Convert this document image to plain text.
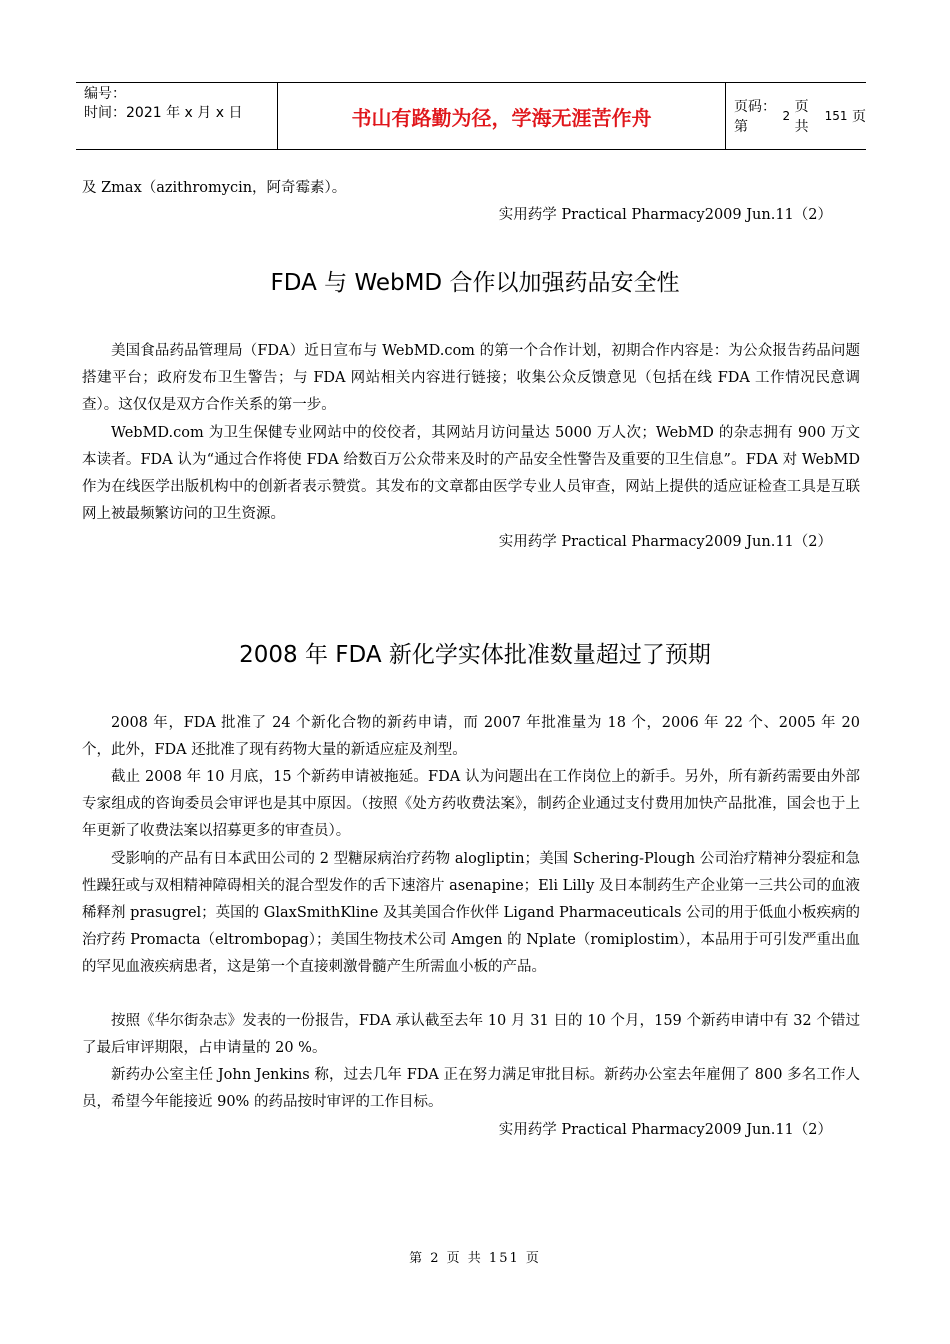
编号：
时间：2021 年 x 月 x 日	书山有路勤为径，学海无涯苦作舟	页码：第

2

页 共

151
页

及 Zmax（azithromycin，阿奇霉素）。

实用药学 Practical Pharmacy2009 Jun.11（2）
FDA 与 WebMD 合作以加强药品安全性

美国食品药品管理局（FDA）近日宣布与 WebMD.com 的第一个合作计划，初期合作内容是：为公众报告药品问题搭建平台；政府发布卫生警告；与 FDA 网站相关内容进行链接；收集公众反馈意见（包括在线 FDA 工作情况民意调查）。这仅仅是双方合作关系的第一步。

WebMD.com 为卫生保健专业网站中的佼佼者，其网站月访问量达 5000 万人次；WebMD 的杂志拥有 900 万文本读者。FDA 认为“通过合作将使 FDA 给数百万公众带来及时的产品安全性警告及重要的卫生信息”。FDA 对 WebMD 作为在线医学出版机构中的创新者表示赞赏。其发布的文章都由医学专业人员审查，网站上提供的适应证检查工具是互联网上被最频繁访问的卫生资源。

实用药学 Practical Pharmacy2009 Jun.11（2）
2008 年 FDA 新化学实体批准数量超过了预期

2008 年，FDA 批准了 24 个新化合物的新药申请，而 2007 年批准量为 18 个，2006 年 22 个、2005 年 20 个，此外，FDA 还批准了现有药物大量的新适应症及剂型。

截止 2008 年 10 月底，15 个新药申请被拖延。FDA 认为问题出在工作岗位上的新手。另外，所有新药需要由外部专家组成的咨询委员会审评也是其中原因。（按照《处方药收费法案》，制药企业通过支付费用加快产品批准，国会也于上年更新了收费法案以招募更多的审查员）。

受影响的产品有日本武田公司的 2 型糖尿病治疗药物 alogliptin；美国 Schering-Plough 公司治疗精神分裂症和急性躁狂或与双相精神障碍相关的混合型发作的舌下速溶片 asenapine；Eli Lilly 及日本制药生产企业第一三共公司的血液稀释剂 prasugrel；英国的 GlaxSmithKline 及其美国合作伙伴 Ligand Pharmaceuticals 公司的用于低血小板疾病的治疗药 Promacta（eltrombopag）；美国生物技术公司 Amgen 的 Nplate（romiplostim），本品用于可引发严重出血的罕见血液疾病患者，这是第一个直接刺激骨髓产生所需血小板的产品。

按照《华尔街杂志》发表的一份报告，FDA 承认截至去年 10 月 31 日的 10 个月，159 个新药申请中有 32 个错过了最后审评期限，占申请量的 20 %。

新药办公室主任 John Jenkins 称，过去几年 FDA 正在努力满足审批目标。新药办公室去年雇佣了 800 多名工作人员，希望今年能接近 90% 的药品按时审评的工作目标。

实用药学 Practical Pharmacy2009 Jun.11（2）
第 2 页 共 151 页
